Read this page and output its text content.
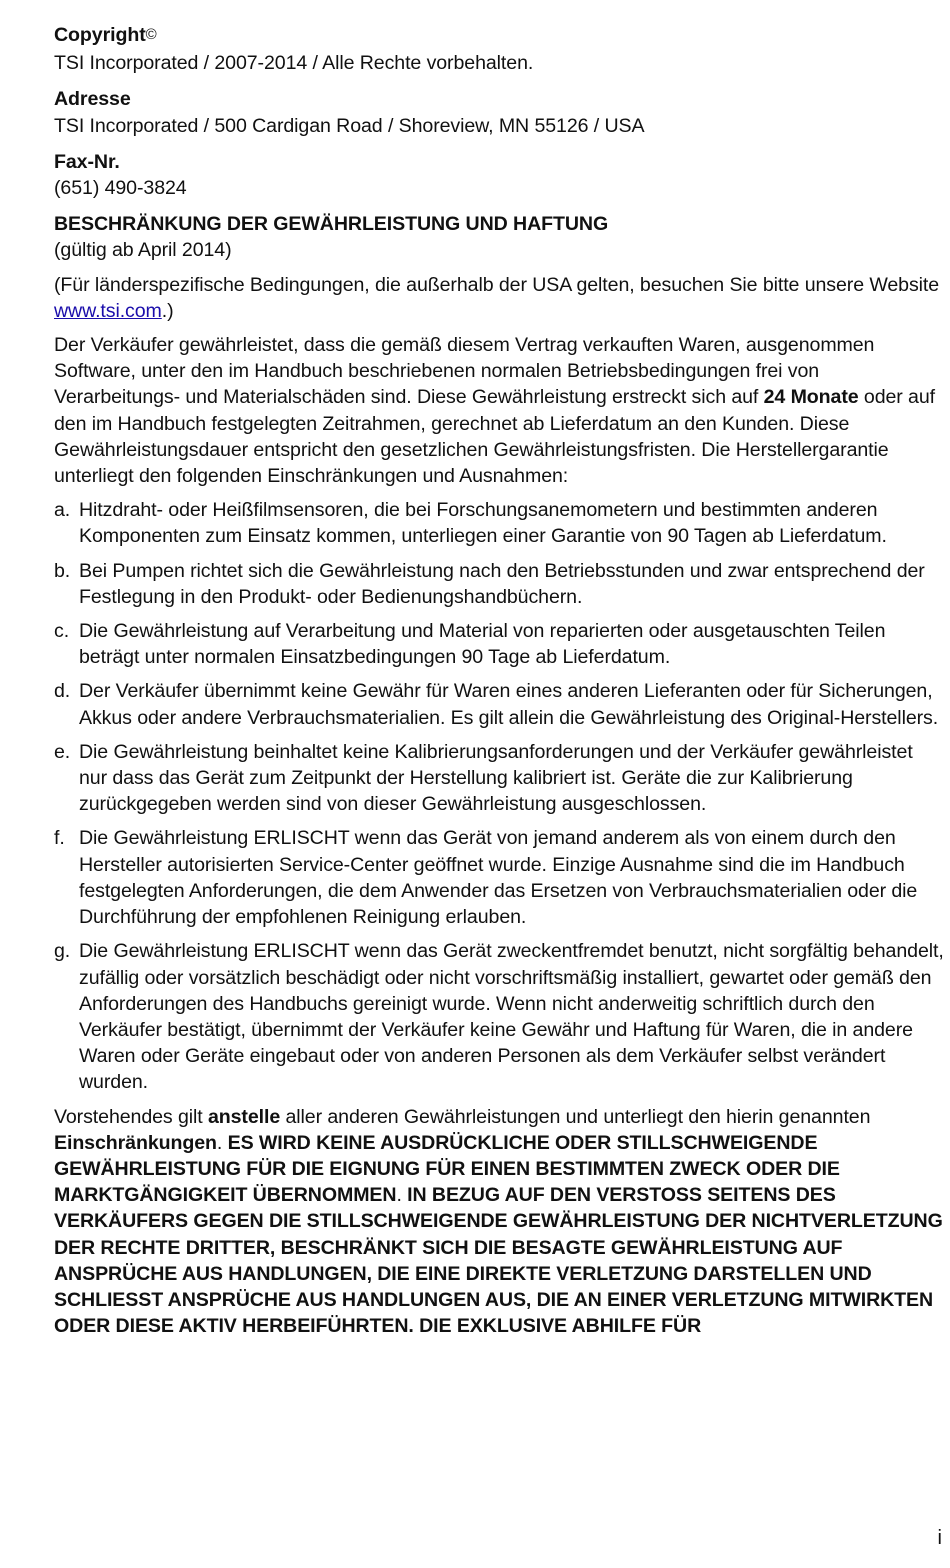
Copyright©
TSI Incorporated / 2007-2014 / Alle Rechte vorbehalten.
Adresse
TSI Incorporated / 500 Cardigan Road / Shoreview, MN 55126 / USA
Fax-Nr.
(651) 490-3824
BESCHRÄNKUNG DER GEWÄHRLEISTUNG UND HAFTUNG
(gültig ab April 2014)
(Für länderspezifische Bedingungen, die außerhalb der USA gelten, besuchen Sie bitte unsere Website www.tsi.com.)
Der Verkäufer gewährleistet, dass die gemäß diesem Vertrag verkauften Waren, ausgenommen Software, unter den im Handbuch beschriebenen normalen Betriebsbedingungen frei von Verarbeitungs- und Materialschäden sind. Diese Gewährleistung erstreckt sich auf 24 Monate oder auf den im Handbuch festgelegten Zeitrahmen, gerechnet ab Lieferdatum an den Kunden. Diese Gewährleistungsdauer entspricht den gesetzlichen Gewährleistungsfristen. Die Herstellergarantie unterliegt den folgenden Einschränkungen und Ausnahmen:
a. Hitzdraht- oder Heißfilmsensoren, die bei Forschungsanemometern und bestimmten anderen Komponenten zum Einsatz kommen, unterliegen einer Garantie von 90 Tagen ab Lieferdatum.
b. Bei Pumpen richtet sich die Gewährleistung nach den Betriebsstunden und zwar entsprechend der Festlegung in den Produkt- oder Bedienungshandbüchern.
c. Die Gewährleistung auf Verarbeitung und Material von reparierten oder ausgetauschten Teilen beträgt unter normalen Einsatzbedingungen 90 Tage ab Lieferdatum.
d. Der Verkäufer übernimmt keine Gewähr für Waren eines anderen Lieferanten oder für Sicherungen, Akkus oder andere Verbrauchsmaterialien. Es gilt allein die Gewährleistung des Original-Herstellers.
e. Die Gewährleistung beinhaltet keine Kalibrierungsanforderungen und der Verkäufer gewährleistet nur dass das Gerät zum Zeitpunkt der Herstellung kalibriert ist. Geräte die zur Kalibrierung zurückgegeben werden sind von dieser Gewährleistung ausgeschlossen.
f. Die Gewährleistung ERLISCHT wenn das Gerät von jemand anderem als von einem durch den Hersteller autorisierten Service-Center geöffnet wurde. Einzige Ausnahme sind die im Handbuch festgelegten Anforderungen, die dem Anwender das Ersetzen von Verbrauchsmaterialien oder die Durchführung der empfohlenen Reinigung erlauben.
g. Die Gewährleistung ERLISCHT wenn das Gerät zweckentfremdet benutzt, nicht sorgfältig behandelt, zufällig oder vorsätzlich beschädigt oder nicht vorschriftsmäßig installiert, gewartet oder gemäß den Anforderungen des Handbuchs gereinigt wurde. Wenn nicht anderweitig schriftlich durch den Verkäufer bestätigt, übernimmt der Verkäufer keine Gewähr und Haftung für Waren, die in andere Waren oder Geräte eingebaut oder von anderen Personen als dem Verkäufer selbst verändert wurden.
Vorstehendes gilt anstelle aller anderen Gewährleistungen und unterliegt den hierin genannten Einschränkungen. ES WIRD KEINE AUSDRÜCKLICHE ODER STILLSCHWEIGENDE GEWÄHRLEISTUNG FÜR DIE EIGNUNG FÜR EINEN BESTIMMTEN ZWECK ODER DIE MARKTGÄNGIGKEIT ÜBERNOMMEN. IN BEZUG AUF DEN VERSTOSS SEITENS DES VERKÄUFERS GEGEN DIE STILLSCHWEIGENDE GEWÄHRLEISTUNG DER NICHTVERLETZUNG DER RECHTE DRITTER, BESCHRÄNKT SICH DIE BESAGTE GEWÄHRLEISTUNG AUF ANSPRÜCHE AUS HANDLUNGEN, DIE EINE DIREKTE VERLETZUNG DARSTELLEN UND SCHLIESST ANSPRÜCHE AUS HANDLUNGEN AUS, DIE AN EINER VERLETZUNG MITWIRKTEN ODER DIESE AKTIV HERBEIFÜHRTEN. DIE EXKLUSIVE ABHILFE FÜR
i
